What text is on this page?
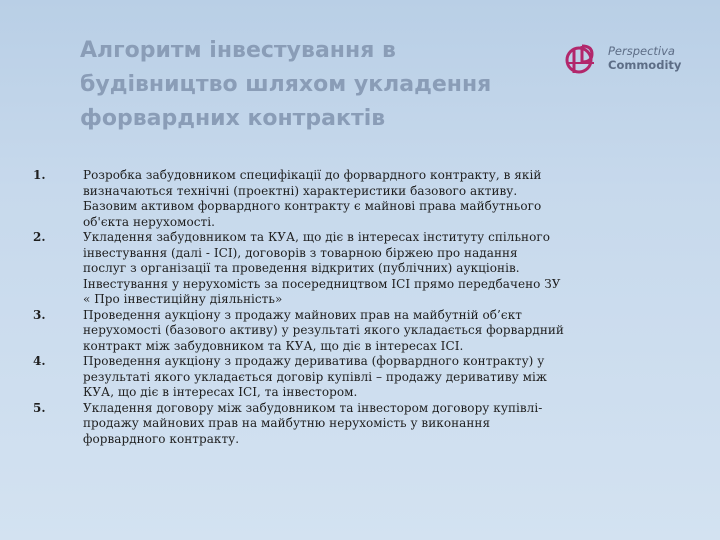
Алгоритм інвестування в
будівництво шляхом укладення
форвардних контрактів
Perspectiva
Commodity
1.	Розробка забудовником специфікації до форвардного контракту, в якій
визначаються технічні (проектні) характеристики базового активу.
Базовим активом форвардного контракту є майнові права майбутнього
об'єкта нерухомості.
2.	Укладення забудовником та КУА, що діє в інтересах інституту спільного
інвестування (далі - ІСІ), договорів з товарною біржею про надання
послуг з організації та проведення відкритих (публічних) аукціонів.
Інвестування у нерухомість за посередництвом ІСІ прямо передбачено ЗУ
« Про інвестиційну діяльність»
3.	Проведення аукціону з продажу майнових прав на майбутній об’єкт
нерухомості (базового активу) у результаті якого укладається форвардний
контракт між забудовником та КУА, що діє в інтересах ІСІ.
4.	Проведення аукціону з продажу деривативa (форвардного контракту) у
результаті якого укладається договір купівлі – продажу деривативу між
КУА, що діє в інтересах ІСІ, та інвестором.
5.	Укладення договору між забудовником та інвестором договору купівлі-
продажу майнових прав на майбутню нерухомість у виконання
форвардного контракту.
